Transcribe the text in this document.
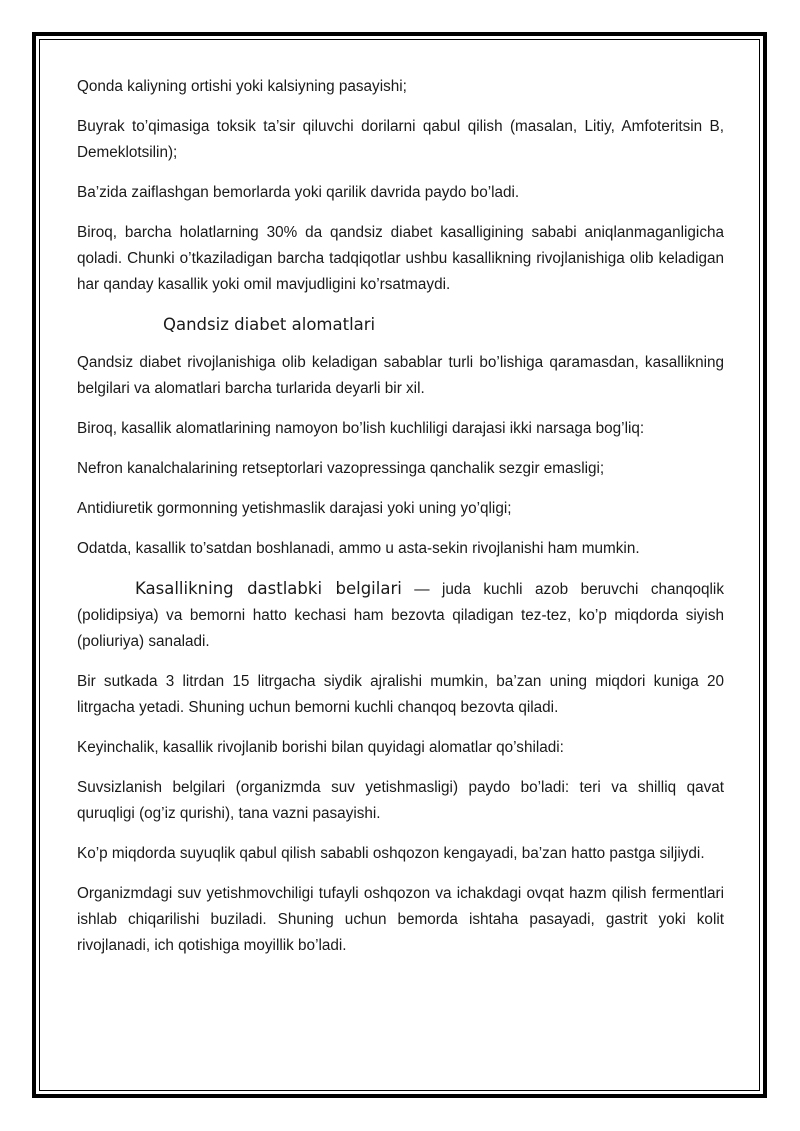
Qonda kaliyning ortishi yoki kalsiyning pasayishi;

Buyrak to’qimasiga toksik ta’sir qiluvchi dorilarni qabul qilish (masalan, Litiy, Amfoteritsin B, Demeklotsilin);

Ba’zida zaiflashgan bemorlarda yoki qarilik davrida paydo bo’ladi.

Biroq, barcha holatlarning 30% da qandsiz diabet kasalligining sababi aniqlanmaganligicha qoladi. Chunki o’tkaziladigan barcha tadqiqotlar ushbu kasallikning rivojlanishiga olib keladigan har qanday kasallik yoki omil mavjudligini ko’rsatmaydi.

Qandsiz diabet alomatlari

Qandsiz diabet rivojlanishiga olib keladigan sabablar turli bo’lishiga qaramasdan, kasallikning belgilari va alomatlari barcha turlarida deyarli bir xil.

Biroq, kasallik alomatlarining namoyon bo’lish kuchliligi darajasi ikki narsaga bog’liq:

Nefron kanalchalarining retseptorlari vazopressinga qanchalik sezgir emasligi;

Antidiuretik gormonning yetishmaslik darajasi yoki uning yo’qligi;

Odatda, kasallik to’satdan boshlanadi, ammo u asta-sekin rivojlanishi ham mumkin.

Kasallikning dastlabki belgilari — juda kuchli azob beruvchi chanqoqlik (polidipsiya) va bemorni hatto kechasi ham bezovta qiladigan tez-tez, ko’p miqdorda siyish (poliuriya) sanaladi.

Bir sutkada 3 litrdan 15 litrgacha siydik ajralishi mumkin, ba’zan uning miqdori kuniga 20 litrgacha yetadi. Shuning uchun bemorni kuchli chanqoq bezovta qiladi.

Keyinchalik, kasallik rivojlanib borishi bilan quyidagi alomatlar qo’shiladi:

Suvsizlanish belgilari (organizmda suv yetishmasligi) paydo bo’ladi: teri va shilliq qavat quruqligi (og’iz qurishi), tana vazni pasayishi.

Ko’p miqdorda suyuqlik qabul qilish sababli oshqozon kengayadi, ba’zan hatto pastga siljiydi.

Organizmdagi suv yetishmovchiligi tufayli oshqozon va ichakdagi ovqat hazm qilish fermentlari ishlab chiqarilishi buziladi. Shuning uchun bemorda ishtaha pasayadi, gastrit yoki kolit rivojlanadi, ich qotishiga moyillik bo’ladi.
